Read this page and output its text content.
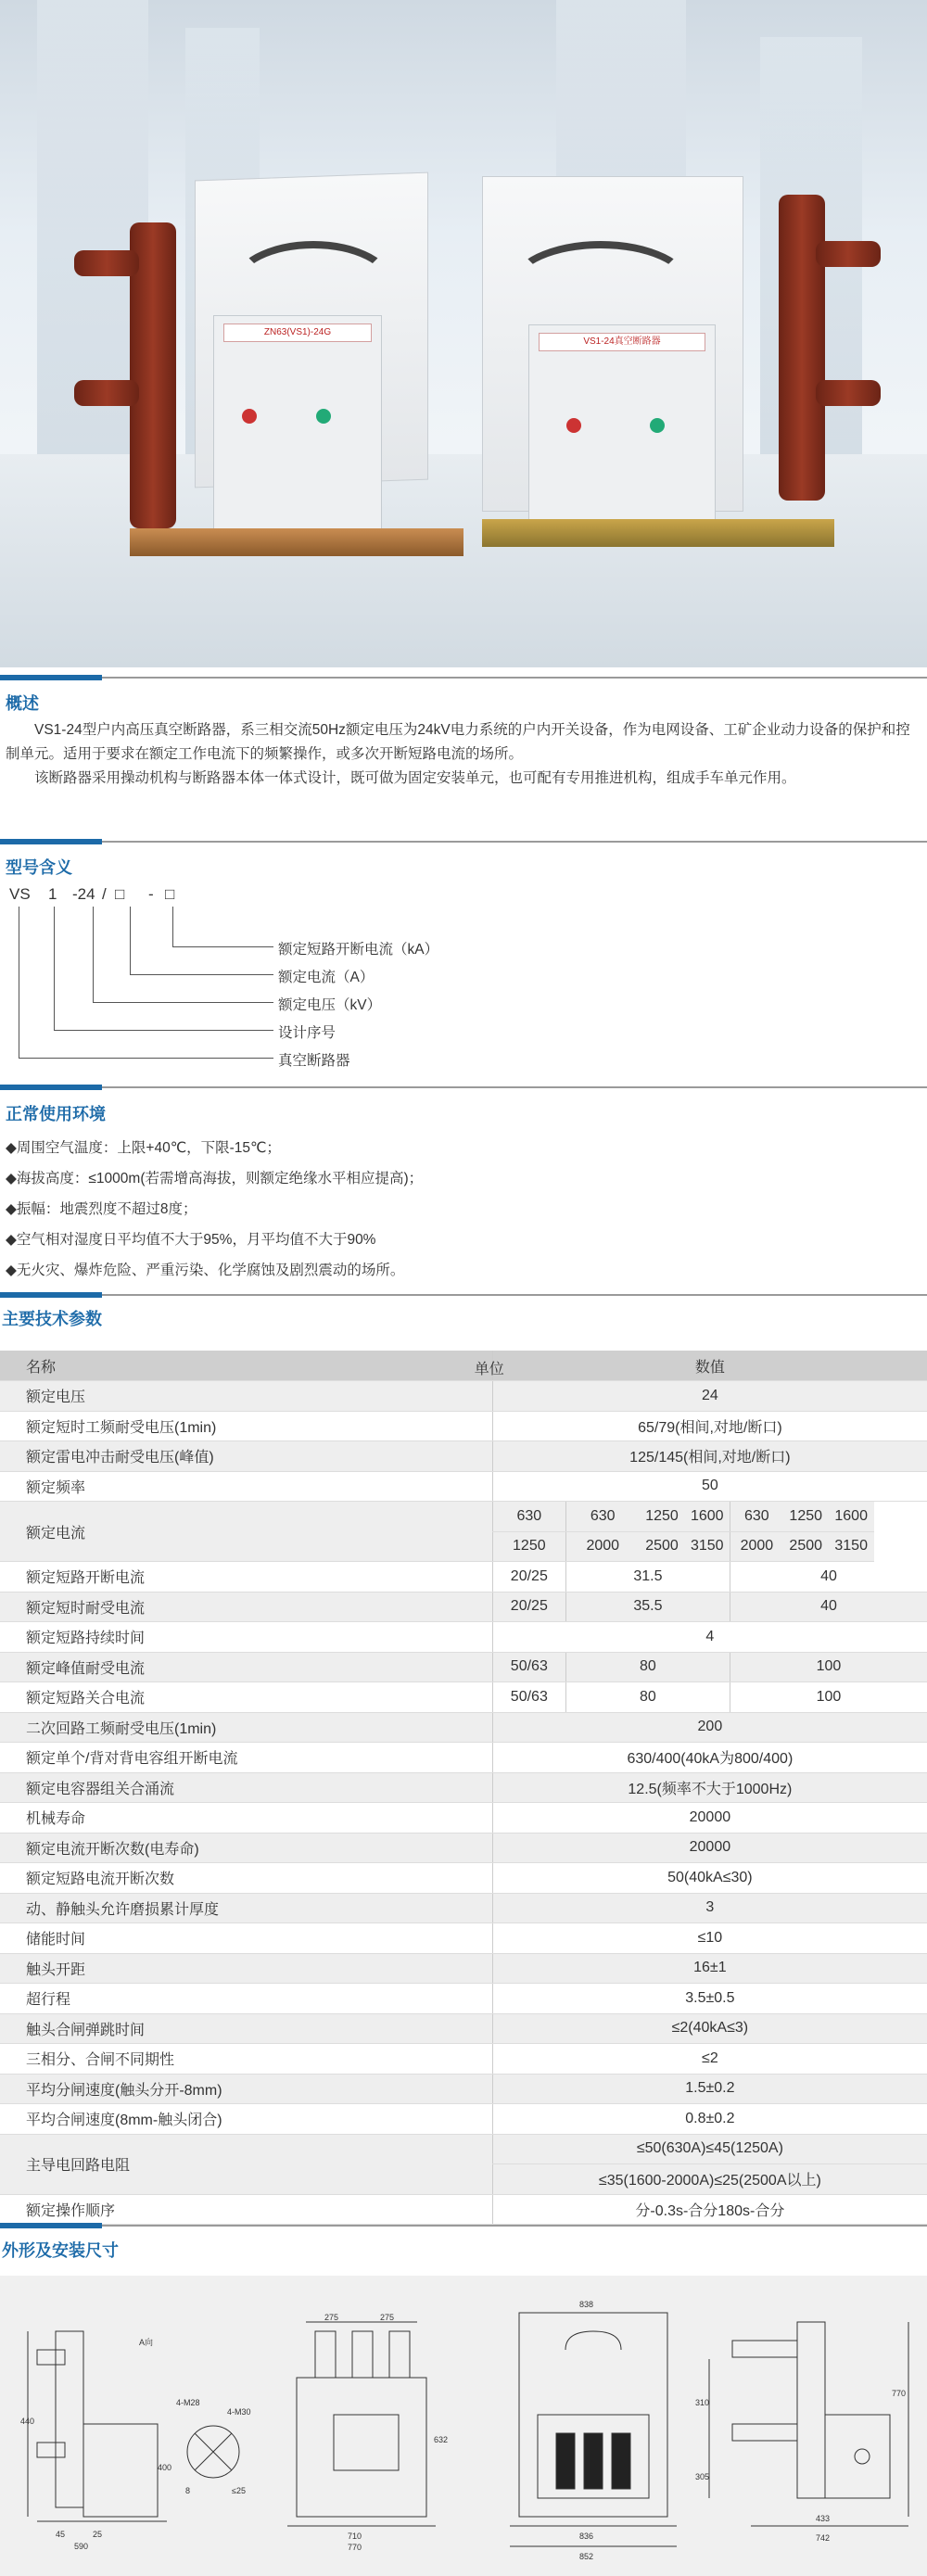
ZN63(VS1)-24G
VS1-24真空断路器
概述

VS1-24型户内高压真空断路器，系三相交流50Hz额定电压为24kV电力系统的户内开关设备，作为电网设备、工矿企业动力设备的保护和控制单元。适用于要求在额定工作电流下的频繁操作，或多次开断短路电流的场所。

该断路器采用操动机构与断路器本体一体式设计，既可做为固定安装单元，也可配有专用推进机构，组成手车单元作用。

型号含义
VS 1 -24 / □ - □
额定短路开断电流（kA）
额定电流（A）
额定电压（kV）
设计序号
真空断路器
正常使用环境
◆周围空气温度：上限+40℃，下限-15℃；
◆海拔高度：≤1000m(若需增高海拔，则额定绝缘水平相应提高)；
◆振幅：地震烈度不超过8度；
◆空气相对湿度日平均值不大于95%，月平均值不大于90%
◆无火灾、爆炸危险、严重污染、化学腐蚀及剧烈震动的场所。
主要技术参数
名称	单位 数值						
额定电压	24						
额定短时工频耐受电压(1min)	65/79(相间,对地/断口)						
额定雷电冲击耐受电压(峰值)	125/145(相间,对地/断口)						
额定频率	50						
额定电流	630	630	1250	1600	630	1250	1600
	1250	2000	2500	3150	2000	2500	3150
额定短路开断电流	20/25	31.5			40		
额定短时耐受电流	20/25	35.5			40		
额定短路持续时间	4						
额定峰值耐受电流	50/63	80			100		
额定短路关合电流	50/63	80			100		
二次回路工频耐受电压(1min)	200						
额定单个/背对背电容组开断电流	630/400(40kA为800/400)						
额定电容器组关合涌流	12.5(频率不大于1000Hz)						
机械寿命	20000						
额定电流开断次数(电寿命)	20000						
额定短路电流开断次数	50(40kA≤30)						
动、静触头允许磨损累计厚度	3						
储能时间	≤10						
触头开距	16±1						
超行程	3.5±0.5						
触头合闸弹跳时间	≤2(40kA≤3)						
三相分、合闸不同期性	≤2						
平均分闸速度(触头分开-8mm)	1.5±0.2						
平均合闸速度(8mm-触头闭合)	0.8±0.2						
主导电回路电阻	≤50(630A)≤45(1250A)						
	≤35(1600-2000A)≤25(2500A以上)						
额定操作顺序	分-0.3s-合分180s-合分						
外形及安装尺寸
A向
440
400
45	25
590
4-M28
4-M30
8	≤25
275	275
632
710
770
838
836
852
310
305
433
742
770
